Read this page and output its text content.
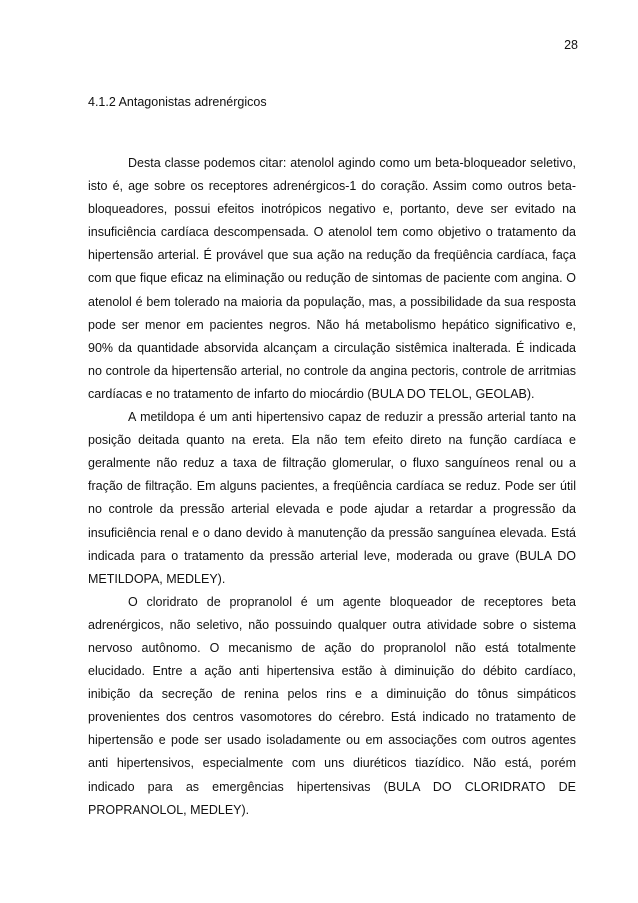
28
4.1.2 Antagonistas adrenérgicos

Desta classe podemos citar: atenolol agindo como um beta-bloqueador seletivo, isto é, age sobre os receptores adrenérgicos-1 do coração. Assim como outros beta-bloqueadores, possui efeitos inotrópicos negativo e, portanto, deve ser evitado na insuficiência cardíaca descompensada. O atenolol tem como objetivo o tratamento da hipertensão arterial. É provável que sua ação na redução da freqüência cardíaca, faça com que fique eficaz na eliminação ou redução de sintomas de paciente com angina. O atenolol é bem tolerado na maioria da população, mas, a possibilidade da sua resposta pode ser menor em pacientes negros. Não há metabolismo hepático significativo e, 90% da quantidade absorvida alcançam a circulação sistêmica inalterada. É indicada no controle da hipertensão arterial, no controle da angina pectoris, controle de arritmias cardíacas e no tratamento de infarto do miocárdio (BULA DO TELOL, GEOLAB).

A metildopa é um anti hipertensivo capaz de reduzir a pressão arterial tanto na posição deitada quanto na ereta. Ela não tem efeito direto na função cardíaca e geralmente não reduz a taxa de filtração glomerular, o fluxo sanguíneos renal ou a fração de filtração. Em alguns pacientes, a freqüência cardíaca se reduz. Pode ser útil no controle da pressão arterial elevada e pode ajudar a retardar a progressão da insuficiência renal e o dano devido à manutenção da pressão sanguínea elevada. Está indicada para o tratamento da pressão arterial leve, moderada ou grave (BULA DO METILDOPA, MEDLEY).

O cloridrato de propranolol é um agente bloqueador de receptores beta adrenérgicos, não seletivo, não possuindo qualquer outra atividade sobre o sistema nervoso autônomo. O mecanismo de ação do propranolol não está totalmente elucidado. Entre a ação anti hipertensiva estão à diminuição do débito cardíaco, inibição da secreção de renina pelos rins e a diminuição do tônus simpáticos provenientes dos centros vasomotores do cérebro. Está indicado no tratamento de hipertensão e pode ser usado isoladamente ou em associações com outros agentes anti hipertensivos, especialmente com uns diuréticos tiazídico. Não está, porém indicado para as emergências hipertensivas (BULA DO CLORIDRATO DE PROPRANOLOL, MEDLEY).
